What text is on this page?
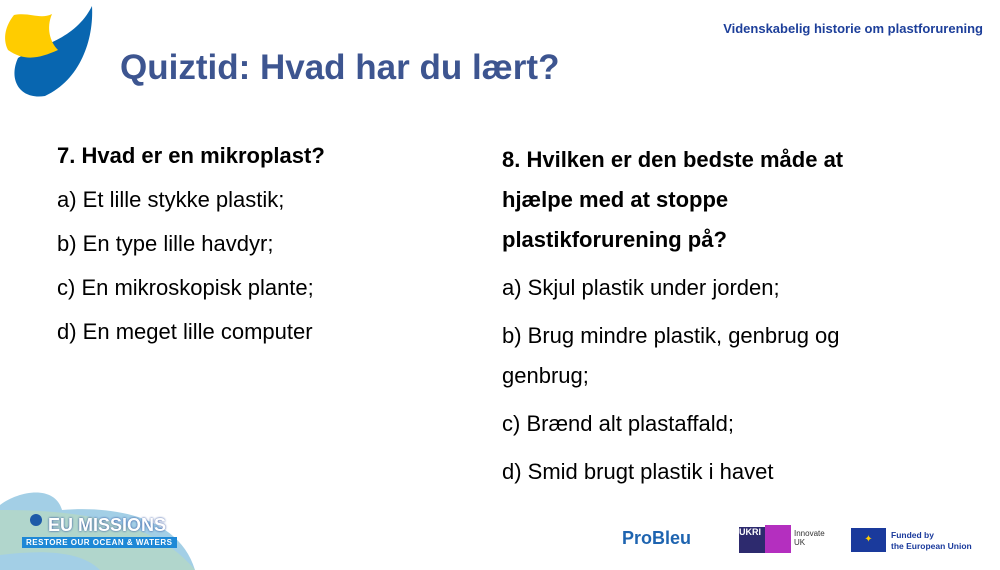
Quiztid: Hvad har du lært?
Videnskabelig historie om plastforurening
7. Hvad er en mikroplast?
a) Et lille stykke plastik;
b) En type lille havdyr;
c) En mikroskopisk plante;
d) En meget lille computer
8. Hvilken er den bedste måde at
hjælpe med at stoppe
plastikforurening på?
a) Skjul plastik under jorden;
b) Brug mindre plastik, genbrug og
genbrug;
c) Brænd alt plastaffald;
d) Smid brugt plastik i havet
EU MISSIONS
RESTORE OUR OCEAN & WATERS	ProBleu	UKRI	Innovate UK	✦	Funded by
the European Union
